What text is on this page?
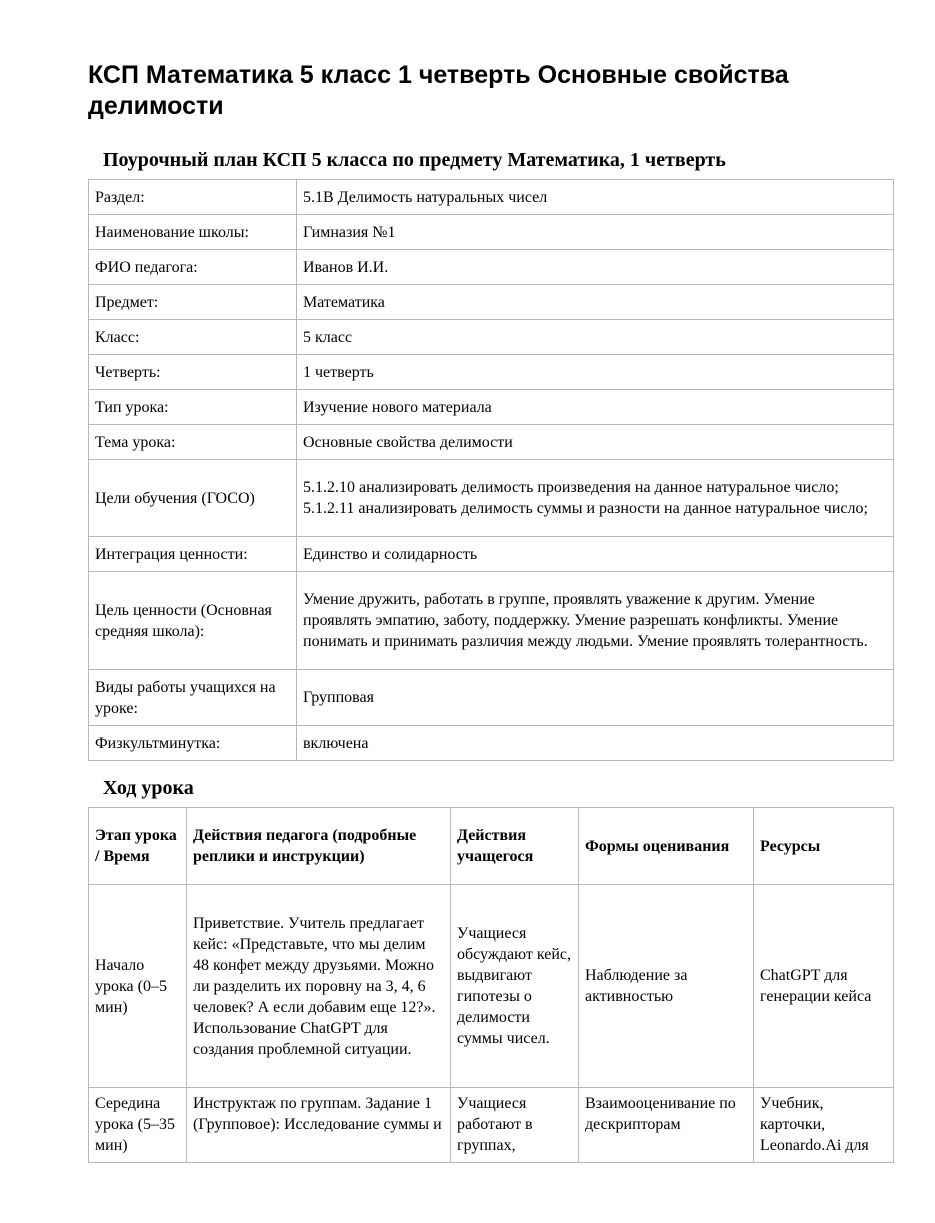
КСП Математика 5 класс 1 четверть Основные свойства делимости
Поурочный план КСП 5 класса по предмету Математика, 1 четверть
Раздел:	5.1В Делимость натуральных чисел
Наименование школы:	Гимназия №1
ФИО педагога:	Иванов И.И.
Предмет:	Математика
Класс:	5 класс
Четверть:	1 четверть
Тип урока:	Изучение нового материала
Тема урока:	Основные свойства делимости
Цели обучения (ГОСО)	5.1.2.10 анализировать делимость произведения на данное натуральное число; 5.1.2.11 анализировать делимость суммы и разности на данное натуральное число;
Интеграция ценности:	Единство и солидарность
Цель ценности (Основная средняя школа):	Умение дружить, работать в группе, проявлять уважение к другим. Умение проявлять эмпатию, заботу, поддержку. Умение разрешать конфликты. Умение понимать и принимать различия между людьми. Умение проявлять толерантность.
Виды работы учащихся на уроке:	Групповая
Физкультминутка:	включена
Ход урока
Этап урока / Время	Действия педагога (подробные реплики и инструкции)	Действия учащегося	Формы оценивания	Ресурсы
Начало урока (0–5 мин)	Приветствие. Учитель предлагает кейс: «Представьте, что мы делим 48 конфет между друзьями. Можно ли разделить их поровну на 3, 4, 6 человек? А если добавим еще 12?». Использование ChatGPT для создания проблемной ситуации.	Учащиеся обсуждают кейс, выдвигают гипотезы о делимости суммы чисел.	Наблюдение за активностью	ChatGPT для генерации кейса
Середина урока (5–35 мин)	Инструктаж по группам. Задание 1 (Групповое): Исследование суммы и	Учащиеся работают в группах,	Взаимооценивание по дескрипторам	Учебник, карточки, Leonardo.Ai для
